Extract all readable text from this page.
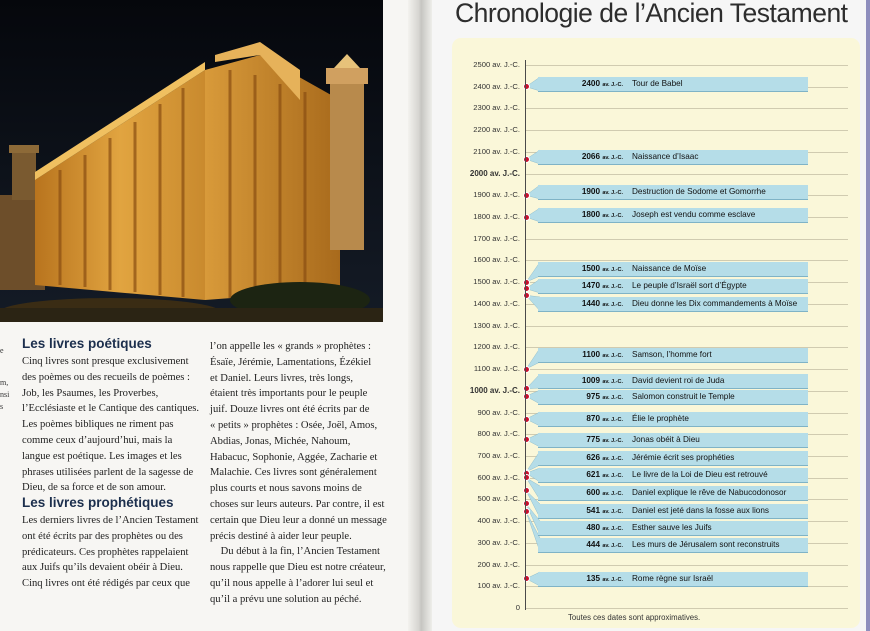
e
m,
nsi
s
Les livres poétiques
Cinq livres sont presque exclusivement
des poèmes ou des recueils de poèmes :
Job, les Psaumes, les Proverbes,
l’Ecclésiaste et le Cantique des cantiques.
Les poèmes bibliques ne riment pas
comme ceux d’aujourd’hui, mais la
langue est poétique. Les images et les
phrases utilisées parlent de la sagesse de
Dieu, de sa force et de son amour.
Les livres prophétiques
Les derniers livres de l’Ancien Testament
ont été écrits par des prophètes ou des
prédicateurs. Ces prophètes rappelaient
aux Juifs qu’ils devaient obéir à Dieu.
Cinq livres ont été rédigés par ceux que
l’on appelle les « grands » prophètes :
Ésaïe, Jérémie, Lamentations, Ézékiel
et Daniel. Leurs livres, très longs,
étaient très importants pour le peuple
juif. Douze livres ont été écrits par de
« petits » prophètes : Osée, Joël, Amos,
Abdias, Jonas, Michée, Nahoum,
Habacuc, Sophonie, Aggée, Zacharie et
Malachie. Ces livres sont généralement
plus courts et nous savons moins de
choses sur leurs auteurs. Par contre, il est
certain que Dieu leur a donné un message
précis destiné à aider leur peuple.
Du début à la fin, l’Ancien Testament
nous rappelle que Dieu est notre créateur,
qu’il nous appelle à l’adorer lui seul et
qu’il a prévu une solution au péché.
Chronologie de l’Ancien Testament
2500 av. J.-C.
2400 av. J.-C.
2300 av. J.-C.
2200 av. J.-C.
2100 av. J.-C.
2000 av. J.-C.
1900 av. J.-C.
1800 av. J.-C.
1700 av. J.-C.
1600 av. J.-C.
1500 av. J.-C.
1400 av. J.-C.
1300 av. J.-C.
1200 av. J.-C.
1100 av. J.-C.
1000 av. J.-C.
900 av. J.-C.
800 av. J.-C.
700 av. J.-C.
600 av. J.-C.
500 av. J.-C.
400 av. J.-C.
300 av. J.-C.
200 av. J.-C.
100 av. J.-C.
0
2400 av. J.-C. Tour de Babel
2066 av. J.-C. Naissance d’Isaac
1900 av. J.-C. Destruction de Sodome et Gomorrhe
1800 av. J.-C. Joseph est vendu comme esclave
1500 av. J.-C. Naissance de Moïse
1470 av. J.-C. Le peuple d’Israël sort d’Égypte
1440 av. J.-C. Dieu donne les Dix commandements à Moïse
1100 av. J.-C. Samson, l’homme fort
1009 av. J.-C. David devient roi de Juda
975 av. J.-C. Salomon construit le Temple
870 av. J.-C. Élie le prophète
775 av. J.-C. Jonas obéit à Dieu
626 av. J.-C. Jérémie écrit ses prophéties
621 av. J.-C. Le livre de la Loi de Dieu est retrouvé
600 av. J.-C. Daniel explique le rêve de Nabucodonosor
541 av. J.-C. Daniel est jeté dans la fosse aux lions
480 av. J.-C. Esther sauve les Juifs
444 av. J.-C. Les murs de Jérusalem sont reconstruits
135 av. J.-C. Rome règne sur Israël
Toutes ces dates sont approximatives.
